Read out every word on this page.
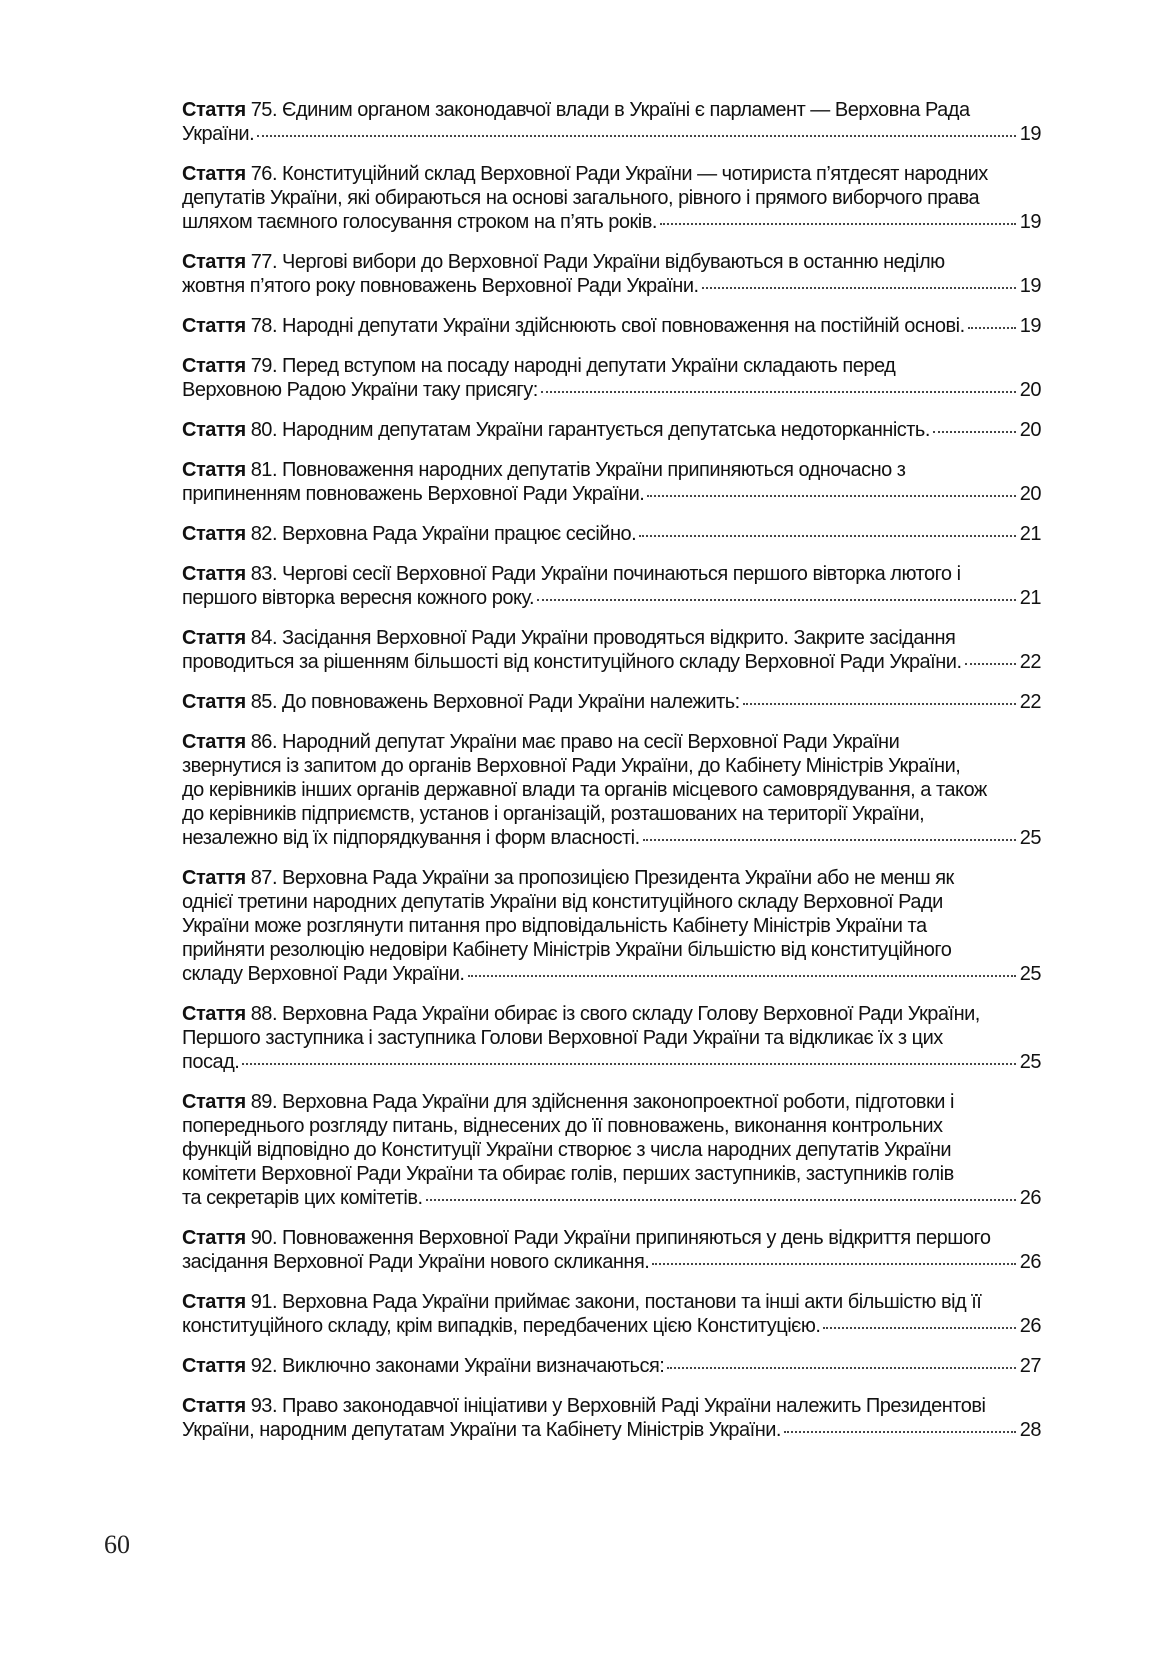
Стаття 75. Єдиним органом законодавчої влади в Україні є парламент — Верховна Рада
України.	19
Стаття 76. Конституційний склад Верховної Ради України — чотириста п’ятдесят народних
депутатів України, які обираються на основі загального, рівного і прямого виборчого права
шляхом таємного голосування строком на п’ять років.	19
Стаття 77. Чергові вибори до Верховної Ради України відбуваються в останню неділю
жовтня п’ятого року повноважень Верховної Ради України.	19
Стаття 78. Народні депутати України здійснюють свої повноваження на постійній основі.	19
Стаття 79. Перед вступом на посаду народні депутати України складають перед
Верховною Радою України таку присягу:	20
Стаття 80. Народним депутатам України гарантується депутатська недоторканність.	20
Стаття 81. Повноваження народних депутатів України припиняються одночасно з
припиненням повноважень Верховної Ради України.	20
Стаття 82. Верховна Рада України працює сесійно.	21
Стаття 83. Чергові сесії Верховної Ради України починаються першого вівторка лютого і
першого вівторка вересня кожного року.	21
Стаття 84. Засідання Верховної Ради України проводяться відкрито. Закрите засідання
проводиться за рішенням більшості від конституційного складу Верховної Ради України.	22
Стаття 85. До повноважень Верховної Ради України належить:	22
Стаття 86. Народний депутат України має право на сесії Верховної Ради України
звернутися із запитом до органів Верховної Ради України, до Кабінету Міністрів України,
до керівників інших органів державної влади та органів місцевого самоврядування, а також
до керівників підприємств, установ і організацій, розташованих на території України,
незалежно від їх підпорядкування і форм власності.	25
Стаття 87. Верховна Рада України за пропозицією Президента України або не менш як
однієї третини народних депутатів України від конституційного складу Верховної Ради
України може розглянути питання про відповідальність Кабінету Міністрів України та
прийняти резолюцію недовіри Кабінету Міністрів України більшістю від конституційного
складу Верховної Ради України.	25
Стаття 88. Верховна Рада України обирає із свого складу Голову Верховної Ради України,
Першого заступника і заступника Голови Верховної Ради України та відкликає їх з цих
посад.	25
Стаття 89. Верховна Рада України для здійснення законопроектної роботи, підготовки і
попереднього розгляду питань, віднесених до її повноважень, виконання контрольних
функцій відповідно до Конституції України створює з числа народних депутатів України
комітети Верховної Ради України та обирає голів, перших заступників, заступників голів
та секретарів цих комітетів.	26
Стаття 90. Повноваження Верховної Ради України припиняються у день відкриття першого
засідання Верховної Ради України нового скликання.	26
Стаття 91. Верховна Рада України приймає закони, постанови та інші акти більшістю від її
конституційного складу, крім випадків, передбачених цією Конституцією.	26
Стаття 92. Виключно законами України визначаються:	27
Стаття 93. Право законодавчої ініціативи у Верховній Раді України належить Президентові
України, народним депутатам України та Кабінету Міністрів України.	28
60
